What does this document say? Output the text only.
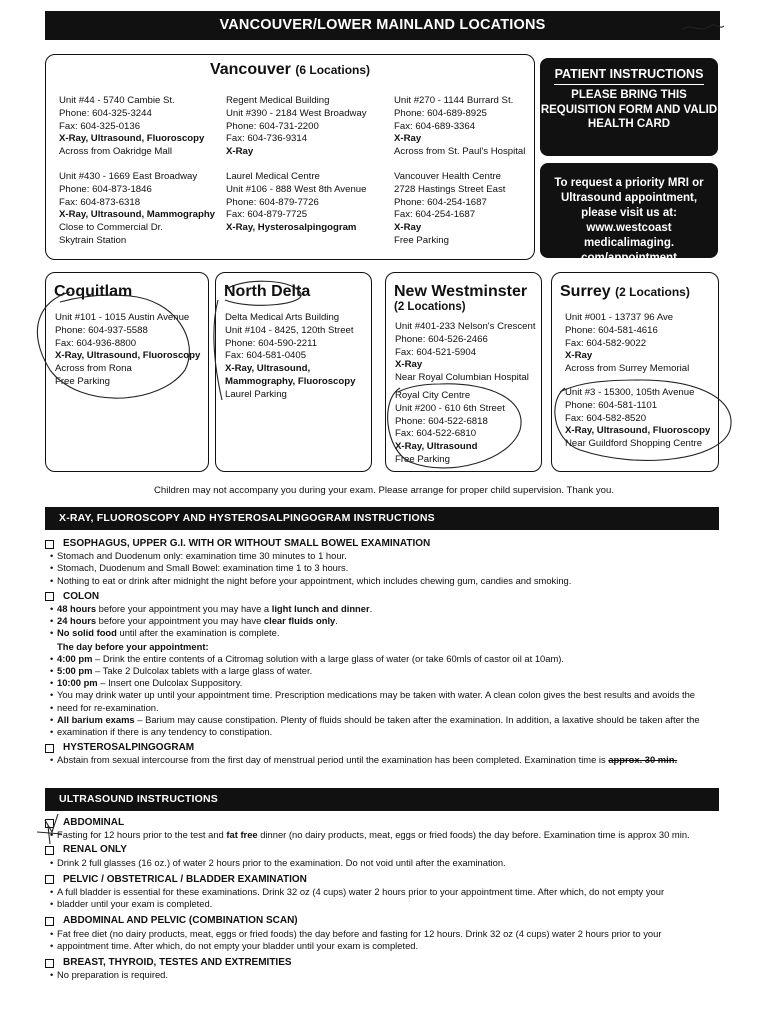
VANCOUVER/LOWER MAINLAND LOCATIONS
Vancouver (6 Locations)
Unit #44 - 5740 Cambie St.
Phone: 604-325-3244
Fax: 604-325-0136
X-Ray, Ultrasound, Fluoroscopy
Across from Oakridge Mall
Regent Medical Building
Unit #390 - 2184 West Broadway
Phone: 604-731-2200
Fax: 604-736-9314
X-Ray
Unit #270 - 1144 Burrard St.
Phone: 604-689-8925
Fax: 604-689-3364
X-Ray
Across from St. Paul's Hospital
Unit #430 - 1669 East Broadway
Phone: 604-873-1846
Fax: 604-873-6318
X-Ray, Ultrasound, Mammography
Close to Commercial Dr.
Skytrain Station
Laurel Medical Centre
Unit #106 - 888 West 8th Avenue
Phone: 604-879-7726
Fax: 604-879-7725
X-Ray, Hysterosalpingogram
Vancouver Health Centre
2728 Hastings Street East
Phone: 604-254-1687
Fax: 604-254-1687
X-Ray
Free Parking
PATIENT INSTRUCTIONS
PLEASE BRING THIS
REQUISITION FORM AND VALID
HEALTH CARD
To request a priority MRI or
Ultrasound appointment,
please visit us at:
www.westcoast medicalimaging.
com/appointment
Coquitlam
Unit #101 - 1015 Austin Avenue
Phone: 604-937-5588
Fax: 604-936-8800
X-Ray, Ultrasound, Fluoroscopy
Across from Rona
Free Parking
North Delta
Delta Medical Arts Building
Unit #104 - 8425, 120th Street
Phone: 604-590-2211
Fax: 604-581-0405
X-Ray, Ultrasound,
Mammography, Fluoroscopy
Laurel Parking
New Westminster
(2 Locations)
Unit #401-233 Nelson's Crescent
Phone: 604-526-2466
Fax: 604-521-5904
X-Ray
Near Royal Columbian Hospital
Royal City Centre
Unit #200 - 610 6th Street
Phone: 604-522-6818
Fax: 604-522-6810
X-Ray, Ultrasound
Free Parking
Surrey (2 Locations)
Unit #001 - 13737 96 Ave
Phone: 604-581-4616
Fax: 604-582-9022
X-Ray
Across from Surrey Memorial
Unit #3 - 15300, 105th Avenue
Phone: 604-581-1101
Fax: 604-582-8520
X-Ray, Ultrasound, Fluoroscopy
Near Guildford Shopping Centre
Children may not accompany you during your exam. Please arrange for proper child supervision. Thank you.
X-RAY, FLUOROSCOPY AND HYSTEROSALPINGOGRAM INSTRUCTIONS
ESOPHAGUS, UPPER G.I. WITH OR WITHOUT SMALL BOWEL EXAMINATION
• Stomach and Duodenum only: examination time 30 minutes to 1 hour.
• Stomach, Duodenum and Small Bowel: examination time 1 to 3 hours.
• Nothing to eat or drink after midnight the night before your appointment, which includes chewing gum, candies and smoking.
COLON
• 48 hours before your appointment you may have a light lunch and dinner.
• 24 hours before your appointment you may have clear fluids only.
• No solid food until after the examination is complete.
The day before your appointment:
• 4:00 pm – Drink the entire contents of a Citromag solution with a large glass of water (or take 60mls of castor oil at 10am).
• 5:00 pm – Take 2 Dulcolax tablets with a large glass of water.
• 10:00 pm – Insert one Dulcolax Suppository.
• You may drink water up until your appointment time. Prescription medications may be taken with water. A clean colon gives the best results and avoids the
• need for re-examination.
• All barium exams – Barium may cause constipation. Plenty of fluids should be taken after the examination. In addition, a laxative should be taken after the
• examination if there is any tendency to constipation.
HYSTEROSALPINGOGRAM
• Abstain from sexual intercourse from the first day of menstrual period until the examination has been completed. Examination time is approx. 30 min.
ULTRASOUND INSTRUCTIONS
ABDOMINAL
• Fasting for 12 hours prior to the test and fat free dinner (no dairy products, meat, eggs or fried foods) the day before. Examination time is approx 30 min.
RENAL ONLY
• Drink 2 full glasses (16 oz.) of water 2 hours prior to the examination. Do not void until after the examination.
PELVIC / OBSTETRICAL / BLADDER EXAMINATION
• A full bladder is essential for these examinations. Drink 32 oz (4 cups) water 2 hours prior to your appointment time. After which, do not empty your
• bladder until your exam is completed.
ABDOMINAL AND PELVIC (COMBINATION SCAN)
• Fat free diet (no dairy products, meat, eggs or fried foods) the day before and fasting for 12 hours. Drink 32 oz (4 cups) water 2 hours prior to your
• appointment time. After which, do not empty your bladder until your exam is completed.
BREAST, THYROID, TESTES AND EXTREMITIES
• No preparation is required.
